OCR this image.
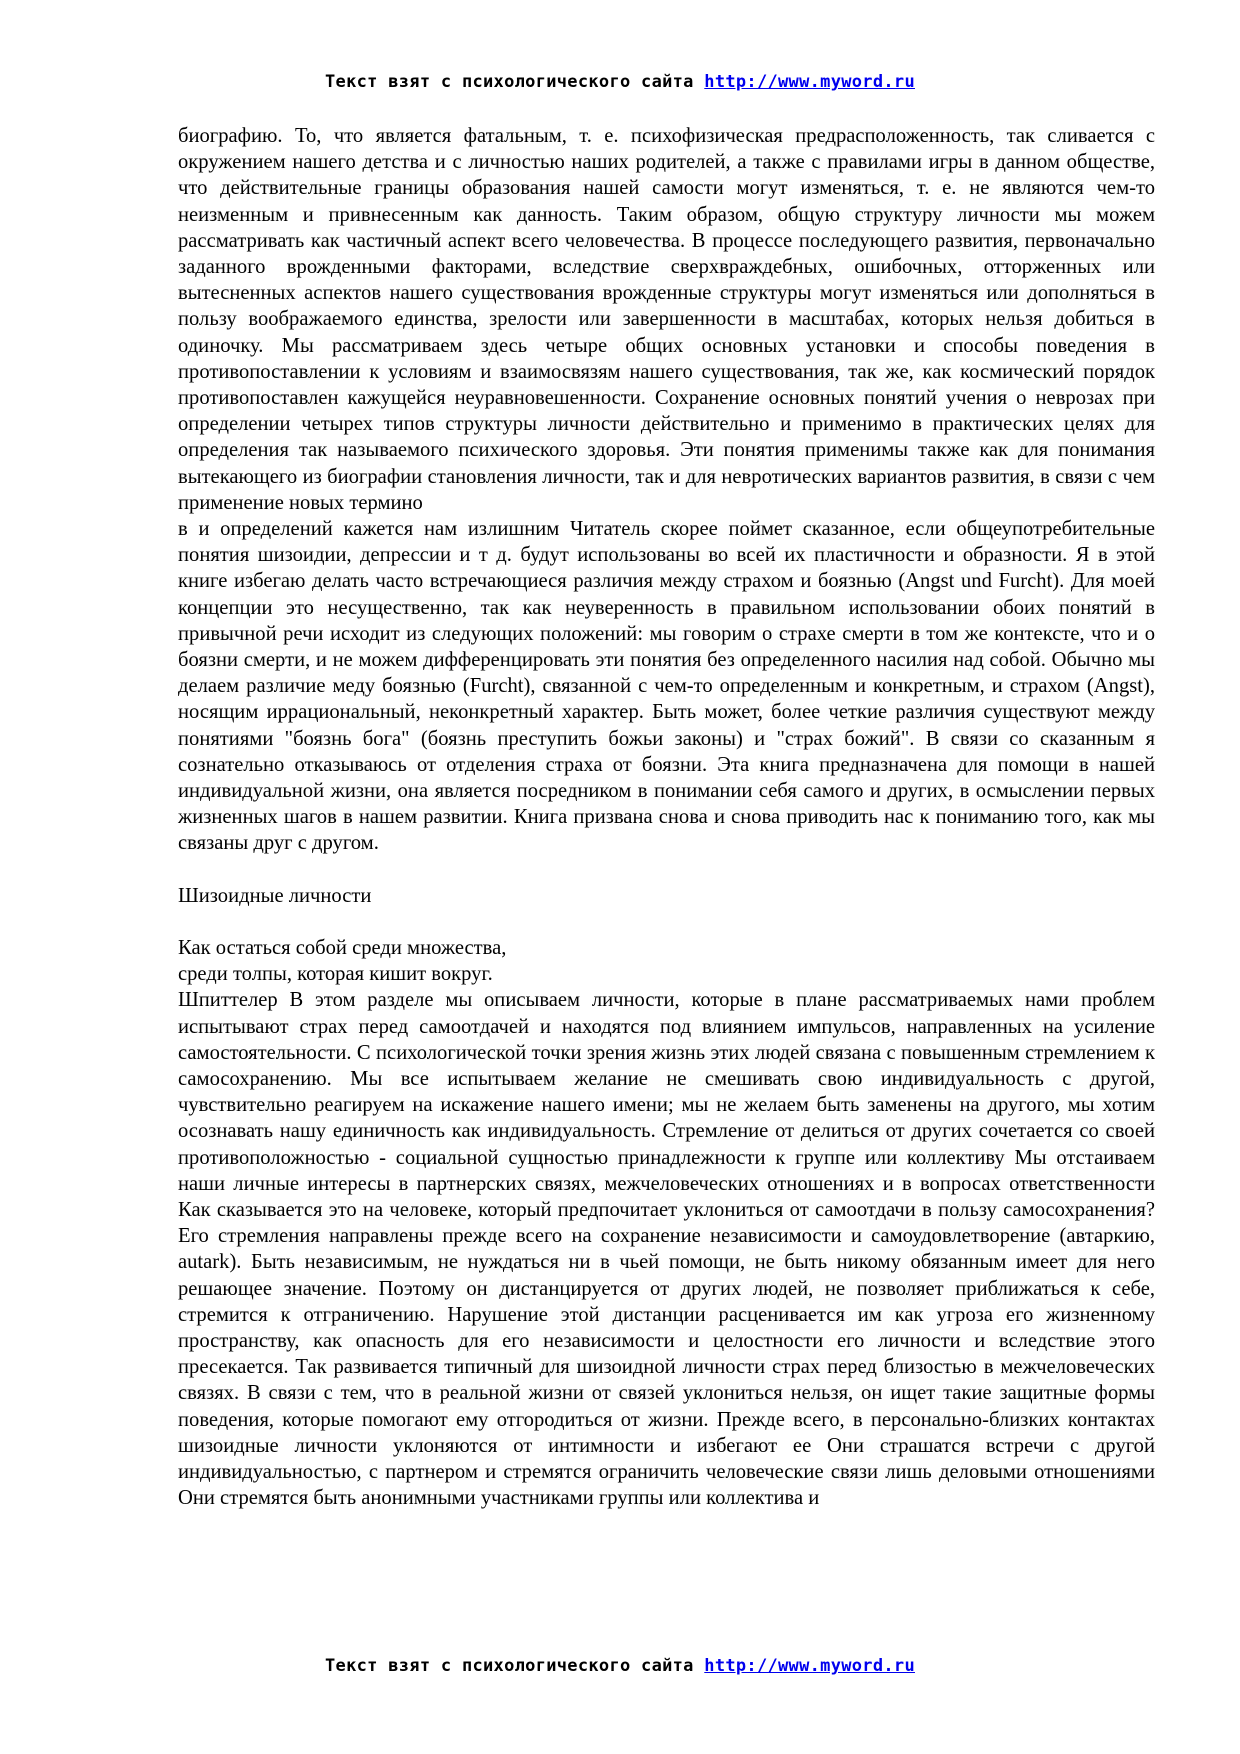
Текст взят с психологического сайта http://www.myword.ru

биографию. То, что является фатальным, т. е. психофизическая предрасположенность, так сливается с окружением нашего детства и с личностью наших родителей, а также с правилами игры в данном обществе, что действительные границы образования нашей самости могут изменяться, т. е. не являются чем-то неизменным и привнесенным как данность. Таким образом, общую структуру личности мы можем рассматривать как частичный аспект всего человечества. В процессе последующего развития, первоначально заданного врожденными факторами, вследствие сверхвраждебных, ошибочных, отторженных или вытесненных аспектов нашего существования врожденные структуры могут изменяться или дополняться в пользу воображаемого единства, зрелости или завершенности в масштабах, которых нельзя добиться в одиночку. Мы рассматриваем здесь четыре общих основных установки и способы поведения в противопоставлении к условиям и взаимосвязям нашего существования, так же, как космический порядок противопоставлен кажущейся неуравновешенности. Сохранение основных понятий учения о неврозах при определении четырех типов структуры личности действительно и применимо в практических целях для определения так называемого психического здоровья. Эти понятия применимы также как для понимания вытекающего из биографии становления личности, так и для невротических вариантов развития, в связи с чем применение новых термино

в и определений кажется нам излишним Читатель скорее поймет сказанное, если общеупотребительные понятия шизоидии, депрессии и т д. будут использованы во всей их пластичности и образности. Я в этой книге избегаю делать часто встречающиеся различия между страхом и боязнью (Angst und Furcht). Для моей концепции это несущественно, так как неуверенность в правильном использовании обоих понятий в привычной речи исходит из следующих положений: мы говорим о страхе смерти в том же контексте, что и о боязни смерти, и не можем дифференцировать эти понятия без определенного насилия над собой. Обычно мы делаем различие меду боязнью (Furcht), связанной с чем-то определенным и конкретным, и страхом (Angst), носящим иррациональный, неконкретный характер. Быть может, более четкие различия существуют между понятиями "боязнь бога" (боязнь преступить божьи законы) и "страх божий". В связи со сказанным я сознательно отказываюсь от отделения страха от боязни. Эта книга предназначена для помощи в нашей индивидуальной жизни, она является посредником в понимании себя самого и других, в осмыслении первых жизненных шагов в нашем развитии. Книга призвана снова и снова приводить нас к пониманию того, как мы связаны друг с другом.

Шизоидные личности

Как остаться собой среди множества,

среди толпы, которая кишит вокруг.

Шпиттелер В этом разделе мы описываем личности, которые в плане рассматриваемых нами проблем испытывают страх перед самоотдачей и находятся под влиянием импульсов, направленных на усиление самостоятельности. С психологической точки зрения жизнь этих людей связана с повышенным стремлением к самосохранению. Мы все испытываем желание не смешивать свою индивидуальность с другой, чувствительно реагируем на искажение нашего имени; мы не желаем быть заменены на другого, мы хотим осознавать нашу единичность как индивидуальность. Стремление от делиться от других сочетается со своей противоположностью - социальной сущностью принадлежности к группе или коллективу Мы отстаиваем наши личные интересы в партнерских связях, межчеловеческих отношениях и в вопросах ответственности Как сказывается это на человеке, который предпочитает уклониться от самоотдачи в пользу самосохранения? Его стремления направлены прежде всего на сохранение независимости и самоудовлетворение (автаркию, autark). Быть независимым, не нуждаться ни в чьей помощи, не быть никому обязанным имеет для него решающее значение. Поэтому он дистанцируется от других людей, не позволяет приближаться к себе, стремится к отграничению. Нарушение этой дистанции расценивается им как угроза его жизненному пространству, как опасность для его независимости и целостности его личности и вследствие этого пресекается. Так развивается типичный для шизоидной личности страх перед близостью в межчеловеческих связях. В связи с тем, что в реальной жизни от связей уклониться нельзя, он ищет такие защитные формы поведения, которые помогают ему отгородиться от жизни. Прежде всего, в персонально-близких контактах шизоидные личности уклоняются от интимности и избегают ее Они страшатся встречи с другой индивидуальностью, с партнером и стремятся ограничить человеческие связи лишь деловыми отношениями Они стремятся быть анонимными участниками группы или коллектива и

Текст взят с психологического сайта http://www.myword.ru
